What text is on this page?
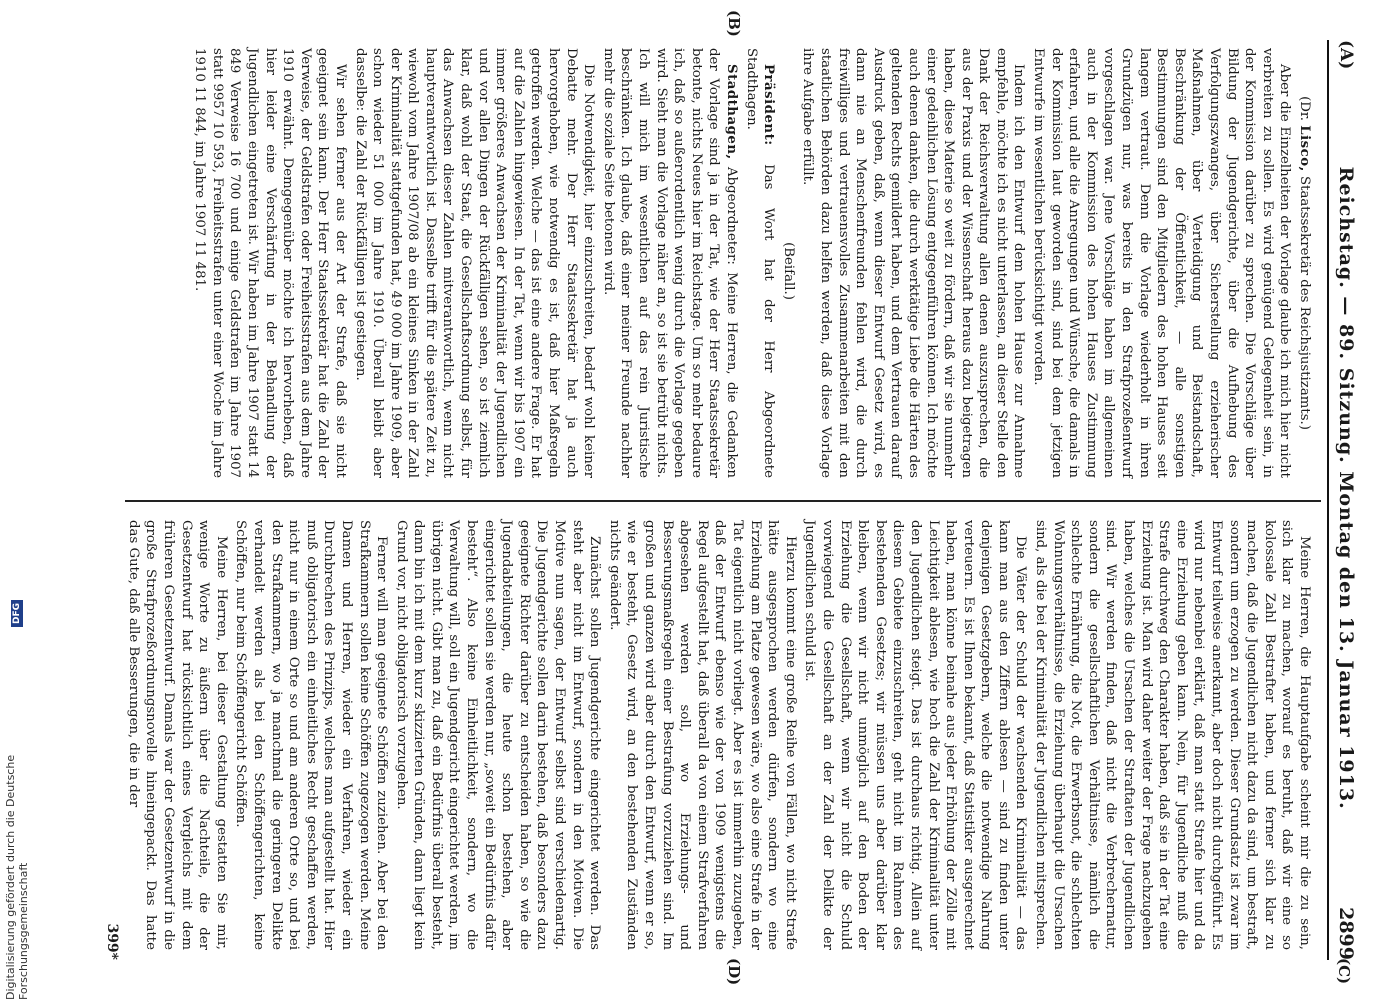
(A)
Reichstag. — 89. Sitzung. Montag den 13. Januar 1913.
2899
(C)
(B)
(D)

(Dr. Lisco, Staatssekretär des Reichsjustizamts.)

Aber die Einzelheiten der Vorlage glaube ich mich hier nicht verbreiten zu sollen. Es wird genügend Gelegenheit sein, in der Kommission darüber zu sprechen. Die Vorschläge über Bildung der Jugendgerichte, über die Aufhebung des Verfolgungszwanges, über Sicherstellung erzieherischer Maßnahmen, über Verteidigung und Beistandschaft, Beschränkung der Öffentlichkeit, — alle sonstigen Bestimmungen sind den Mitgliedern des hohen Hauses seit langem vertraut. Denn die Vorlage wiederholt in ihren Grundzügen nur, was bereits in den Strafprozeßentwurf vorgeschlagen war. Jene Vorschläge haben im allgemeinen auch in der Kommission des hohen Hauses Zustimmung erfahren, und alle die Anregungen und Wünsche, die damals in der Kommission laut geworden sind, sind bei dem jetzigen Entwurfe im wesentlichen berücksichtigt worden.

Indem ich den Entwurf dem hohen Hause zur Annahme empfehle, möchte ich es nicht unterlassen, an dieser Stelle den Dank der Reichsverwaltung allen denen auszusprechen, die aus der Praxis und der Wissenschaft heraus dazu beigetragen haben, diese Materie so weit zu fördern, daß wir sie nunmehr einer gedeihlichen Lösung entgegenführen können. Ich möchte auch denen danken, die durch werktätige Liebe die Härten des geltenden Rechts gemildert haben, und dem Vertrauen darauf Ausdruck geben, daß, wenn dieser Entwurf Gesetz wird, es dann nie an Menschenfreunden fehlen wird, die durch freiwilliges und vertrauensvolles Zusammenarbeiten mit den staatlichen Behörden dazu helfen werden, daß diese Vorlage ihre Aufgabe erfüllt.

(Beifall.)

Präsident: Das Wort hat der Herr Abgeordnete Stadthagen.

Stadthagen, Abgeordneter: Meine Herren, die Gedanken der Vorlage sind ja in der Tat, wie der Herr Staatssekretär betonte, nichts Neues hier im Reichstage. Um so mehr bedaure ich, daß so außerordentlich wenig durch die Vorlage gegeben wird. Sieht man die Vorlage näher an, so ist sie betrübt nichts. Ich will mich im wesentlichen auf das rein Juristische beschränken. Ich glaube, daß einer meiner Freunde nachher mehr die soziale Seite betonen wird.

Die Notwendigkeit, hier einzuschreiten, bedarf wohl keiner Debatte mehr. Der Herr Staatssekretär hat ja auch hervorgehoben, wie notwendig es ist, daß hier Maßregeln getroffen werden. Welche — das ist eine andere Frage. Er hat auf die Zahlen hingewiesen. In der Tat, wenn wir bis 1907 ein immer größeres Anwachsen der Kriminalität der Jugendlichen und vor allen Dingen der Rückfälligen sehen, so ist ziemlich klar, daß wohl der Staat, die Gesellschaftsordnung selbst, für das Anwachsen dieser Zahlen mitverantwortlich, wenn nicht hauptverantwortlich ist. Dasselbe trifft für die spätere Zeit zu, wiewohl vom Jahre 1907/08 ab ein kleines Sinken in der Zahl der Kriminalität stattgefunden hat, 49 000 im Jahre 1909, aber schon wieder 51 000 im Jahre 1910. Überall bleibt aber dasselbe: die Zahl der Rückfälligen ist gestiegen.

Wir sehen ferner aus der Art der Strafe, daß sie nicht geeignet sein kann. Der Herr Staatssekretär hat die Zahl der Verweise, der Geldstrafen oder Freiheitsstrafen aus dem Jahre 1910 erwähnt. Demgegenüber möchte ich hervorheben, daß hier leider eine Verschärfung in der Behandlung der Jugendlichen eingetreten ist. Wir haben im Jahre 1907 statt 14 849 Verweise 16 700 und einige Geldstrafen im Jahre 1907 statt 9957 10 593, Freiheitsstrafen unter einer Woche im Jahre 1910 11 844, im Jahre 1907 11 481.

Meine Herren, die Hauptaufgabe scheint mir die zu sein, sich klar zu machen, worauf es beruht, daß wir eine so kolossale Zahl Bestrafter haben, und ferner sich klar zu machen, daß die Jugendlichen nicht dazu da sind, um bestraft, sondern um erzogen zu werden. Dieser Grundsatz ist zwar im Entwurf teilweise anerkannt, aber doch nicht durchgeführt. Es wird nur nebenbei erklärt, daß man statt Strafe hier und da eine Erziehung geben kann. Nein, für Jugendliche muß die Strafe durchweg den Charakter haben, daß sie in der Tat eine Erziehung ist. Man wird daher weiter der Frage nachzugehen haben, welches die Ursachen der Straftaten der Jugendlichen sind. Wir werden finden, daß nicht die Verbrechernatur, sondern die gesellschaftlichen Verhältnisse, nämlich die schlechte Ernährung, die Not, die Erwerbsnot, die schlechten Wohnungsverhältnisse, die Erziehung überhaupt die Ursachen sind, als die bei der Kriminalität der Jugendlichen mitsprechen.

Die Väter der Schuld der wachsenden Kriminalität — das kann man aus den Ziffern ablesen — sind zu finden unter denjenigen Gesetzgebern, welche die notwendige Nahrung verteuern. Es ist Ihnen bekannt, daß Statistiker ausgerechnet haben, man könne beinahe aus jeder Erhöhung der Zölle mit Leichtigkeit ablesen, wie hoch die Zahl der Kriminalität unter den Jugendlichen steigt. Das ist durchaus richtig. Allein auf diesem Gebiete einzuschreiten, geht nicht im Rahmen des bestehenden Gesetzes; wir müssen uns aber darüber klar bleiben, wenn wir nicht unmöglich auf den Boden der Erziehung die Gesellschaft, wenn wir nicht die Schuld vorwiegend die Gesellschaft an der Zahl der Delikte der Jugendlichen schuld ist.

Hierzu kommt eine große Reihe von Fällen, wo nicht Strafe hätte ausgesprochen werden dürfen, sondern wo eine Erziehung am Platze gewesen wäre, wo also eine Strafe in der Tat eigentlich nicht vorliegt. Aber es ist immerhin zuzugeben, daß der Entwurf ebenso wie der von 1909 wenigstens die Regel aufgestellt hat, daß überall da von einem Strafverfahren abgesehen werden soll, wo Erziehungs- und Besserungsmaßregeln einer Bestrafung vorzuziehen sind. Im großen und ganzen wird aber durch den Entwurf, wenn er so, wie er besteht, Gesetz wird, an den bestehenden Zuständen nichts geändert.

Zunächst sollen Jugendgerichte eingerichtet werden. Das steht aber nicht im Entwurf, sondern in den Motiven. Die Motive nun sagen, der Entwurf selbst sind verschiedenartig. Die Jugendgerichte sollen darin bestehen, daß besonders dazu geeignete Richter darüber zu entscheiden haben, so wie die Jugendabteilungen, die heute schon bestehen, aber eingerichtet sollen sie werden nur, „soweit ein Bedürfnis dafür besteht“. Also keine Einheitlichkeit, sondern, wo die Verwaltung will, soll ein Jugendgericht eingerichtet werden, im übrigen nicht. Gibt man zu, daß ein Bedürfnis überall besteht, dann bin ich mit dem kurz skizzierten Gründen, dann liegt kein Grund vor, nicht obligatorisch vorzugehen.

Ferner will man geeignete Schöffen zuziehen. Aber bei den Strafkammern sollen keine Schöffen zugezogen werden. Meine Damen und Herren, wieder ein Verfahren, wieder ein Durchbrechen des Prinzips, welches man aufgestellt hat. Hier muß obligatorisch ein einheitliches Recht geschaffen werden, nicht nur in einem Orte so und am anderen Orte so, und bei den Strafkammern, wo ja manchmal die geringeren Delikte verhandelt werden als bei den Schöffengerichten, keine Schöffen, nur beim Schöffengericht Schöffen.

Meine Herren, bei dieser Gestaltung gestatten Sie mir, wenige Worte zu äußern über die Nachteile, die der Gesetzentwurf hat rücksichtlich eines Vergleichs mit dem früheren Gesetzentwurf. Damals war der Gesetzentwurf in die große Strafprozeßordnungsnovelle hineingepackt. Das hatte das Gute, daß alle Besserungen, die in der

399*
Digitalisierung gefördert durch die Deutsche Forschungsgemeinschaft
DFG
